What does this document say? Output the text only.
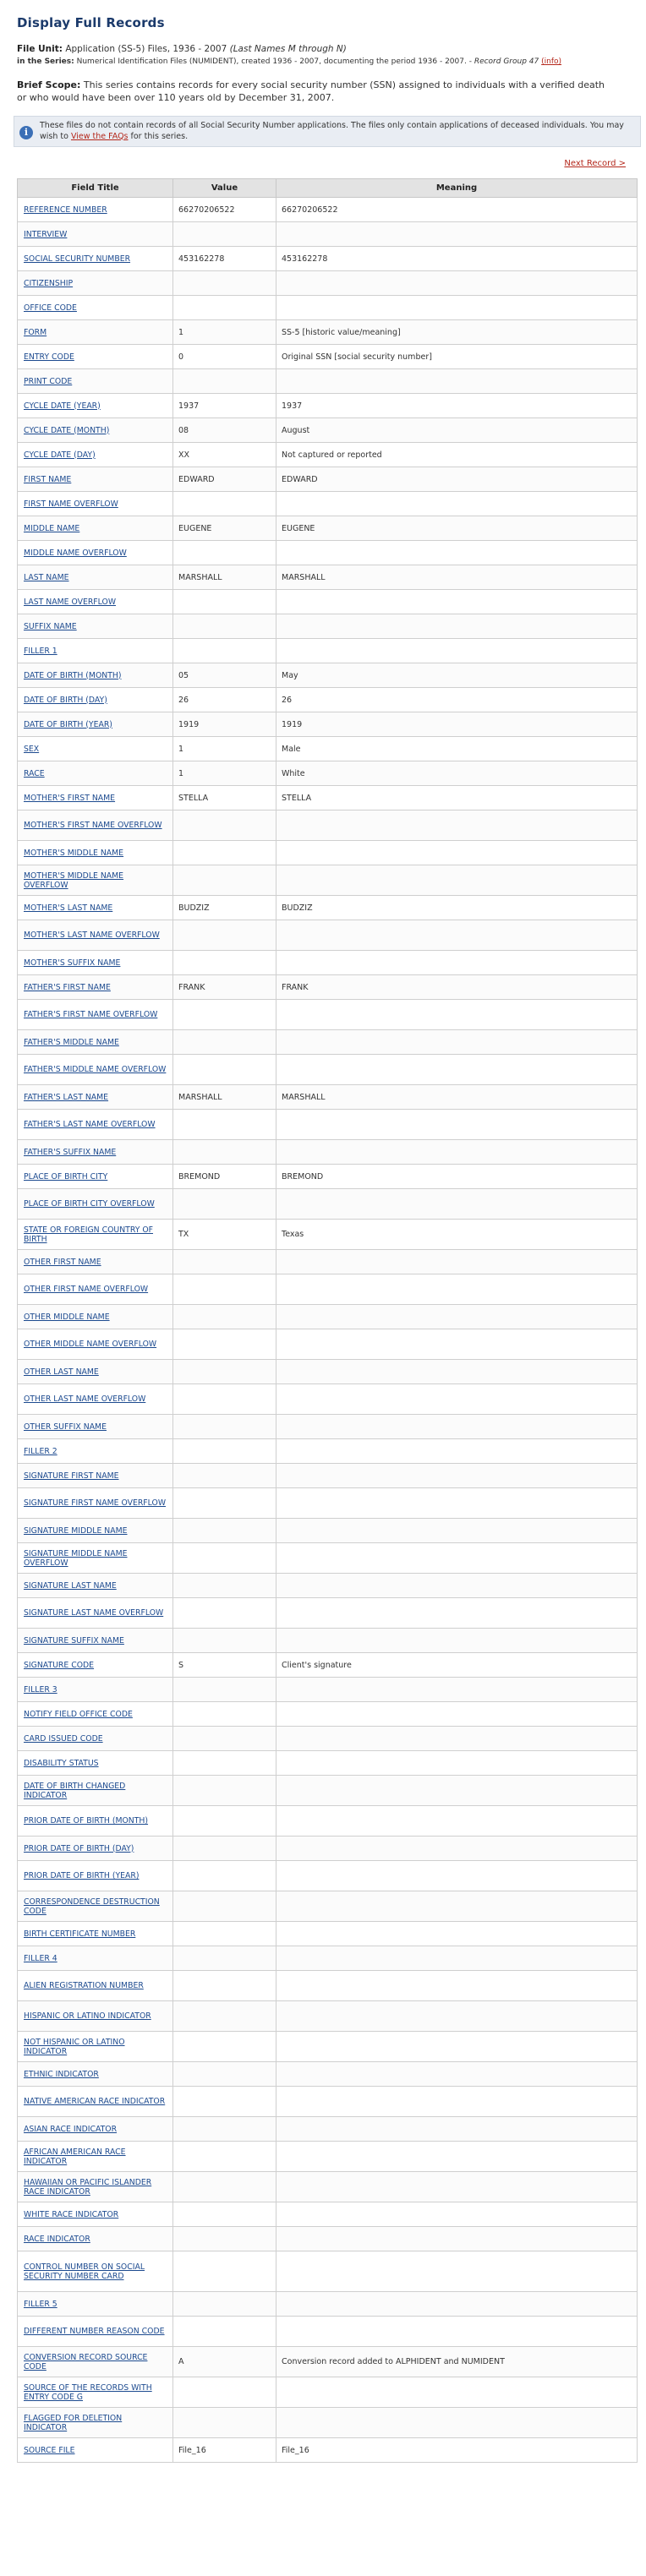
Display Full Records
File Unit: Application (SS-5) Files, 1936 - 2007 (Last Names M through N)
in the Series: Numerical Identification Files (NUMIDENT), created 1936 - 2007, documenting the period 1936 - 2007. - Record Group 47 (info)
Brief Scope: This series contains records for every social security number (SSN) assigned to individuals with a verified death or who would have been over 110 years old by December 31, 2007.
i
These files do not contain records of all Social Security Number applications. The files only contain applications of deceased individuals. You may wish to View the FAQs for this series.
Next Record >
Field Title	Value	Meaning
REFERENCE NUMBER	66270206522	66270206522
INTERVIEW		
SOCIAL SECURITY NUMBER	453162278	453162278
CITIZENSHIP		
OFFICE CODE		
FORM	1	SS-5 [historic value/meaning]
ENTRY CODE	0	Original SSN [social security number]
PRINT CODE		
CYCLE DATE (YEAR)	1937	1937
CYCLE DATE (MONTH)	08	August
CYCLE DATE (DAY)	XX	Not captured or reported
FIRST NAME	EDWARD	EDWARD
FIRST NAME OVERFLOW		
MIDDLE NAME	EUGENE	EUGENE
MIDDLE NAME OVERFLOW		
LAST NAME	MARSHALL	MARSHALL
LAST NAME OVERFLOW		
SUFFIX NAME		
FILLER 1		
DATE OF BIRTH (MONTH)	05	May
DATE OF BIRTH (DAY)	26	26
DATE OF BIRTH (YEAR)	1919	1919
SEX	1	Male
RACE	1	White
MOTHER'S FIRST NAME	STELLA	STELLA
MOTHER'S FIRST NAME OVERFLOW		
MOTHER'S MIDDLE NAME		
MOTHER'S MIDDLE NAME OVERFLOW		
MOTHER'S LAST NAME	BUDZIZ	BUDZIZ
MOTHER'S LAST NAME OVERFLOW		
MOTHER'S SUFFIX NAME		
FATHER'S FIRST NAME	FRANK	FRANK
FATHER'S FIRST NAME OVERFLOW		
FATHER'S MIDDLE NAME		
FATHER'S MIDDLE NAME OVERFLOW		
FATHER'S LAST NAME	MARSHALL	MARSHALL
FATHER'S LAST NAME OVERFLOW		
FATHER'S SUFFIX NAME		
PLACE OF BIRTH CITY	BREMOND	BREMOND
PLACE OF BIRTH CITY OVERFLOW		
STATE OR FOREIGN COUNTRY OF BIRTH	TX	Texas
OTHER FIRST NAME		
OTHER FIRST NAME OVERFLOW		
OTHER MIDDLE NAME		
OTHER MIDDLE NAME OVERFLOW		
OTHER LAST NAME		
OTHER LAST NAME OVERFLOW		
OTHER SUFFIX NAME		
FILLER 2		
SIGNATURE FIRST NAME		
SIGNATURE FIRST NAME OVERFLOW		
SIGNATURE MIDDLE NAME		
SIGNATURE MIDDLE NAME OVERFLOW		
SIGNATURE LAST NAME		
SIGNATURE LAST NAME OVERFLOW		
SIGNATURE SUFFIX NAME		
SIGNATURE CODE	S	Client's signature
FILLER 3		
NOTIFY FIELD OFFICE CODE		
CARD ISSUED CODE		
DISABILITY STATUS		
DATE OF BIRTH CHANGED INDICATOR		
PRIOR DATE OF BIRTH (MONTH)		
PRIOR DATE OF BIRTH (DAY)		
PRIOR DATE OF BIRTH (YEAR)		
CORRESPONDENCE DESTRUCTION CODE		
BIRTH CERTIFICATE NUMBER		
FILLER 4		
ALIEN REGISTRATION NUMBER		
HISPANIC OR LATINO INDICATOR		
NOT HISPANIC OR LATINO INDICATOR		
ETHNIC INDICATOR		
NATIVE AMERICAN RACE INDICATOR		
ASIAN RACE INDICATOR		
AFRICAN AMERICAN RACE INDICATOR		
HAWAIIAN OR PACIFIC ISLANDER RACE INDICATOR		
WHITE RACE INDICATOR		
RACE INDICATOR		
CONTROL NUMBER ON SOCIAL SECURITY NUMBER CARD		
FILLER 5		
DIFFERENT NUMBER REASON CODE		
CONVERSION RECORD SOURCE CODE	A	Conversion record added to ALPHIDENT and NUMIDENT
SOURCE OF THE RECORDS WITH ENTRY CODE G		
FLAGGED FOR DELETION INDICATOR		
SOURCE FILE	File_16	File_16
